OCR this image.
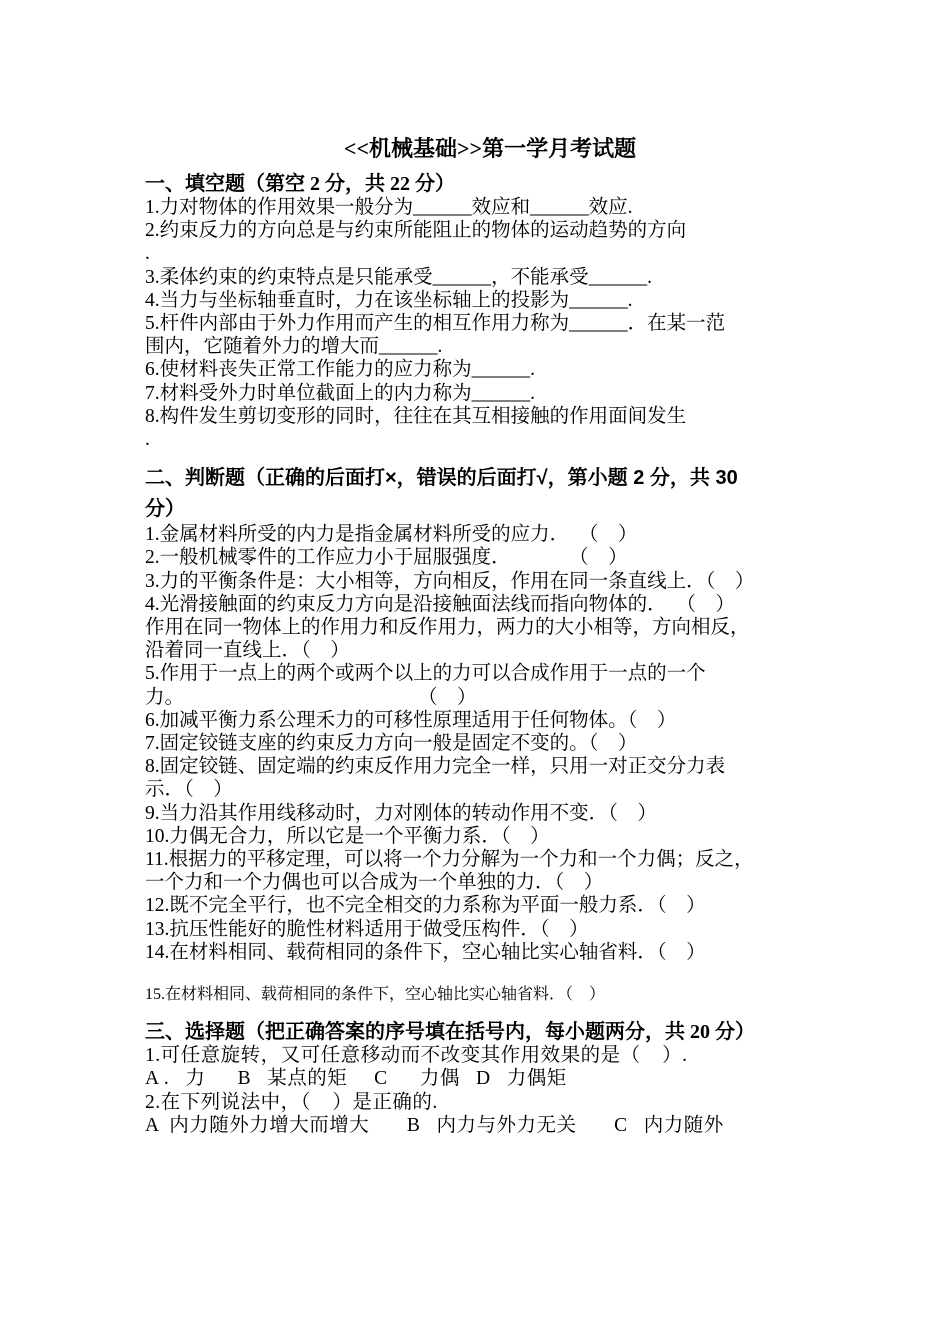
<<机械基础>>第一学月考试题

一、填空题（第空 2 分，共 22 分）

1.力对物体的作用效果一般分为______效应和______效应.

2.约束反力的方向总是与约束所能阻止的物体的运动趋势的方向

.

3.柔体约束的约束特点是只能承受______，不能承受______.

4.当力与坐标轴垂直时，力在该坐标轴上的投影为______.

5.杆件内部由于外力作用而产生的相互作用力称为______．在某一范

围内，它随着外力的增大而______.

6.使材料丧失正常工作能力的应力称为______.

7.材料受外力时单位截面上的内力称为______.

8.构件发生剪切变形的同时，往往在其互相接触的作用面间发生

.

二、判断题（正确的后面打×，错误的后面打√，第小题 2 分，共 30

分）

1.金属材料所受的内力是指金属材料所受的应力．  （    ）

2.一般机械零件的工作应力小于屈服强度．            （    ）

3.力的平衡条件是：大小相等，方向相反，作用在同一条直线上．（    ）

4.光滑接触面的约束反力方向是沿接触面法线而指向物体的．  （    ）

作用在同一物体上的作用力和反作用力，两力的大小相等，方向相反，

沿着同一直线上．（    ）

5.作用于一点上的两个或两个以上的力可以合成作用于一点的一个

力。                                                （    ）

6.加减平衡力系公理禾力的可移性原理适用于任何物体。（    ）

7.固定铰链支座的约束反力方向一般是固定不变的。（    ）

8.固定铰链、固定端的约束反作用力完全一样，只用一对正交分力表

示．（    ）

9.当力沿其作用线移动时，力对刚体的转动作用不变．（    ）

10.力偶无合力，所以它是一个平衡力系．（    ）

11.根据力的平移定理，可以将一个力分解为一个力和一个力偶；反之，

一个力和一个力偶也可以合成为一个单独的力．（    ）

12.既不完全平行，也不完全相交的力系称为平面一般力系．（    ）

13.抗压性能好的脆性材料适用于做受压构件．（    ）

14.在材料相同、载荷相同的条件下，空心轴比实心轴省料．（    ）

15.在材料相同、载荷相同的条件下，空心轴比实心轴省料．（    ）

三、选择题（把正确答案的序号填在括号内，每小题两分，共 20 分）

1.可任意旋转，又可任意移动而不改变其作用效果的是（    ）.

A .   力      B   某点的矩     C      力偶   D   力偶矩

2.在下列说法中，（    ）是正确的.

A  内力随外力增大而增大       B   内力与外力无关       C   内力随外
